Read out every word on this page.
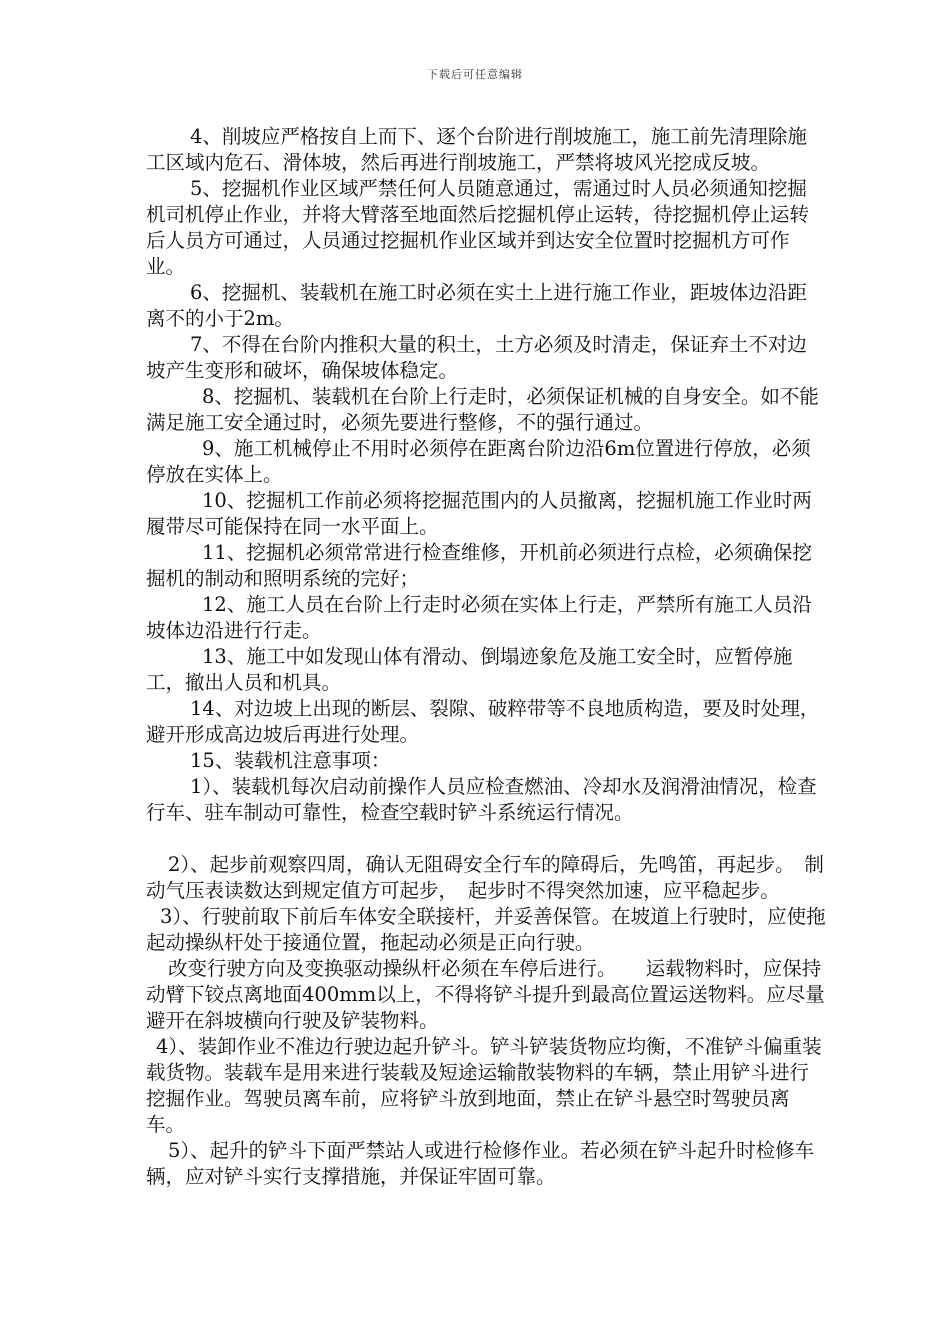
下载后可任意编辑

4、削坡应严格按自上而下、逐个台阶进行削坡施工，施工前先清理除施工区域内危石、滑体坡，然后再进行削坡施工，严禁将坡风光挖成反坡。

5、挖掘机作业区域严禁任何人员随意通过，需通过时人员必须通知挖掘机司机停止作业，并将大臂落至地面然后挖掘机停止运转，待挖掘机停止运转后人员方可通过，人员通过挖掘机作业区域并到达安全位置时挖掘机方可作业。

6、挖掘机、装载机在施工时必须在实土上进行施工作业，距坡体边沿距离不的小于2m。

7、不得在台阶内推积大量的积土，土方必须及时清走，保证弃土不对边坡产生变形和破坏，确保坡体稳定。

8、挖掘机、装载机在台阶上行走时，必须保证机械的自身安全。如不能满足施工安全通过时，必须先要进行整修，不的强行通过。

9、施工机械停止不用时必须停在距离台阶边沿6m位置进行停放，必须停放在实体上。

10、挖掘机工作前必须将挖掘范围内的人员撤离，挖掘机施工作业时两履带尽可能保持在同一水平面上。

11、挖掘机必须常常进行检查维修，开机前必须进行点检，必须确保挖掘机的制动和照明系统的完好；

12、施工人员在台阶上行走时必须在实体上行走，严禁所有施工人员沿坡体边沿进行行走。

13、施工中如发现山体有滑动、倒塌迹象危及施工安全时，应暂停施工，撤出人员和机具。

14、对边坡上出现的断层、裂隙、破粹带等不良地质构造，要及时处理，避开形成高边坡后再进行处理。

15、装载机注意事项：

1）、装载机每次启动前操作人员应检查燃油、冷却水及润滑油情况，检查行车、驻车制动可靠性，检查空载时铲斗系统运行情况。

2）、起步前观察四周，确认无阻碍安全行车的障碍后，先鸣笛，再起步。　制动气压表读数达到规定值方可起步，　起步时不得突然加速，应平稳起步。

3）、行驶前取下前后车体安全联接杆，并妥善保管。在坡道上行驶时，应使拖起动操纵杆处于接通位置，拖起动必须是正向行驶。

改变行驶方向及变换驱动操纵杆必须在车停后进行。　　运载物料时，应保持动臂下铰点离地面400mm以上，不得将铲斗提升到最高位置运送物料。应尽量避开在斜坡横向行驶及铲装物料。

4）、装卸作业不准边行驶边起升铲斗。铲斗铲装货物应均衡，不准铲斗偏重装载货物。装载车是用来进行装载及短途运输散装物料的车辆，禁止用铲斗进行挖掘作业。驾驶员离车前，应将铲斗放到地面，禁止在铲斗悬空时驾驶员离车。

5）、起升的铲斗下面严禁站人或进行检修作业。若必须在铲斗起升时检修车辆，应对铲斗实行支撑措施，并保证牢固可靠。
